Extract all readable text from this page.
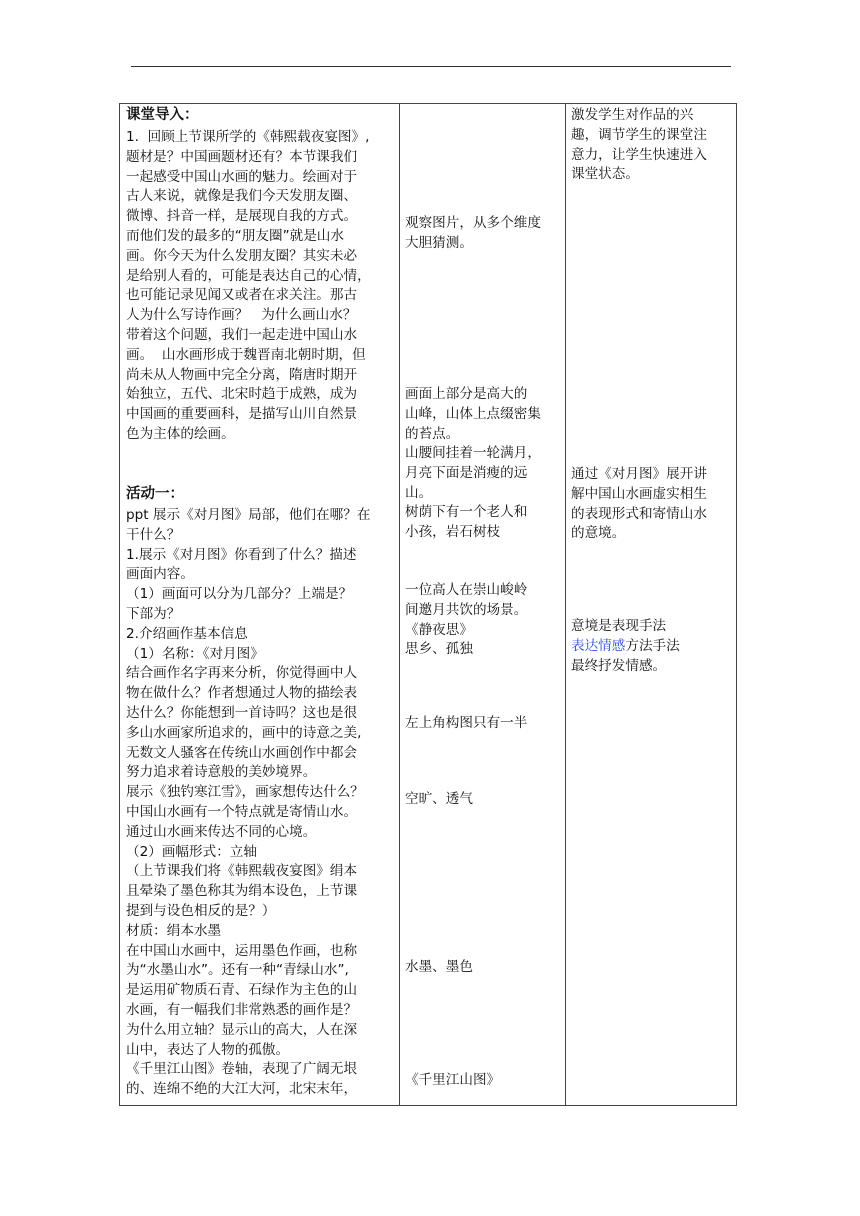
课堂导入：

1.  回顾上节课所学的《韩熙载夜宴图》,

题材是？中国画题材还有？本节课我们

一起感受中国山水画的魅力。绘画对于

古人来说，就像是我们今天发朋友圈、

微博、抖音一样，是展现自我的方式。

而他们发的最多的“朋友圈”就是山水

画。你今天为什么发朋友圈？其实未必

是给别人看的，可能是表达自己的心情，

也可能记录见闻又或者在求关注。那古

人为什么写诗作画？   为什么画山水？

带着这个问题，我们一起走进中国山水

画。  山水画形成于魏晋南北朝时期，但

尚未从人物画中完全分离，隋唐时期开

始独立，五代、北宋时趋于成熟，成为

中国画的重要画科，是描写山川自然景

色为主体的绘画。

活动一：

ppt 展示《对月图》局部，他们在哪？在

干什么？

1.展示《对月图》你看到了什么？描述

画面内容。

（1）画面可以分为几部分？上端是？

下部为？

2.介绍画作基本信息

（1）名称：《对月图》

结合画作名字再来分析，你觉得画中人

物在做什么？作者想通过人物的描绘表

达什么？你能想到一首诗吗？这也是很

多山水画家所追求的，画中的诗意之美,

无数文人骚客在传统山水画创作中都会

努力追求着诗意般的美妙境界。

展示《独钓寒江雪》，画家想传达什么？

中国山水画有一个特点就是寄情山水。

通过山水画来传达不同的心境。

（2）画幅形式：立轴

（上节课我们将《韩熙载夜宴图》绢本

且晕染了墨色称其为绢本设色，上节课

提到与设色相反的是？）

材质：绢本水墨

在中国山水画中，运用墨色作画，也称

为“水墨山水”。还有一种“青绿山水”,

是运用矿物质石青、石绿作为主色的山

水画，有一幅我们非常熟悉的画作是？

为什么用立轴？显示山的高大，人在深

山中，表达了人物的孤傲。

《千里江山图》卷轴，表现了广阔无垠

的、连绵不绝的大江大河，北宋末年，

观察图片，从多个维度

大胆猜测。

画面上部分是高大的

山峰，山体上点缀密集

的苔点。

山腰间挂着一轮满月，

月亮下面是消瘦的远

山。

树荫下有一个老人和

小孩，岩石树枝

一位高人在崇山峻岭

间邀月共饮的场景。

《静夜思》

思乡、孤独

左上角构图只有一半

空旷、透气

水墨、墨色

《千里江山图》

激发学生对作品的兴

趣，调节学生的课堂注

意力，让学生快速进入

课堂状态。

通过《对月图》展开讲

解中国山水画虚实相生

的表现形式和寄情山水

的意境。

意境是表现手法

表达情感方法手法

最终抒发情感。
